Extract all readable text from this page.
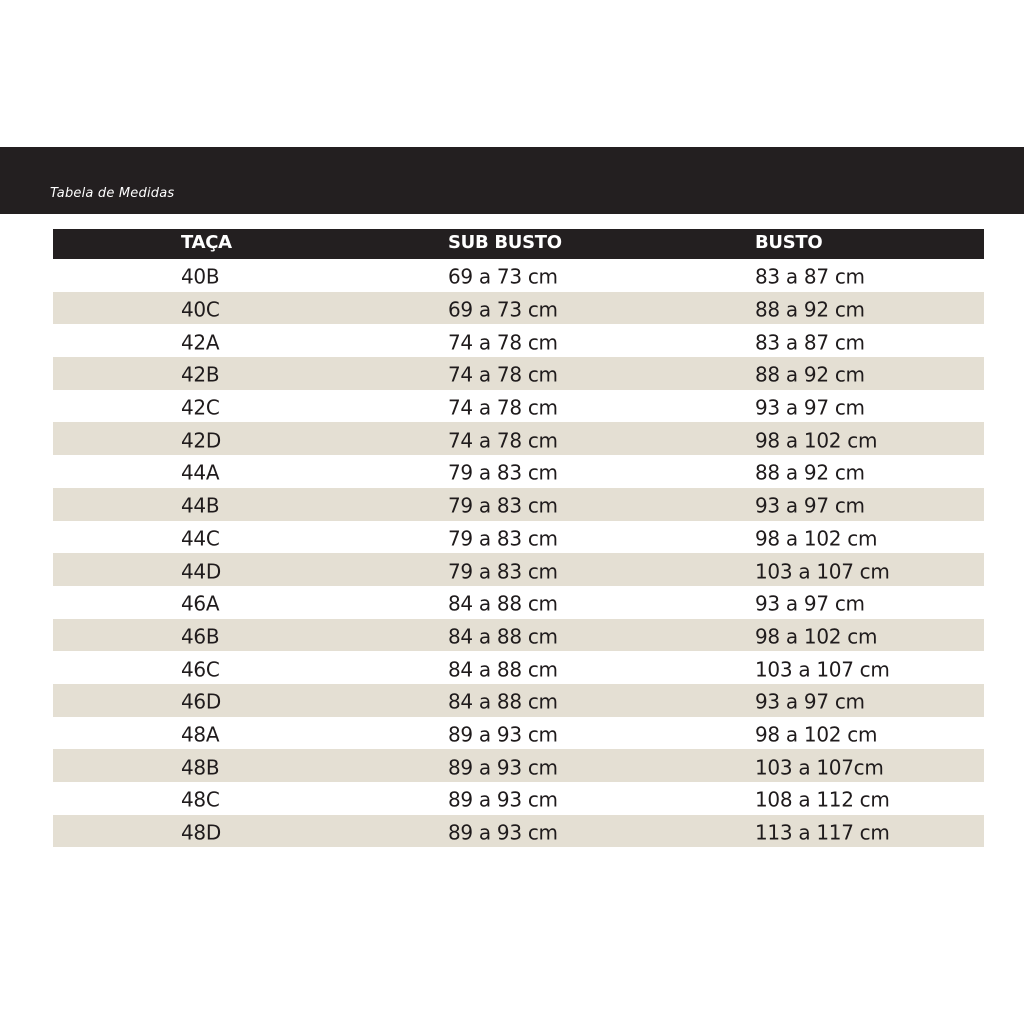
Tabela de Medidas
TAÇA	SUB BUSTO	BUSTO
40B	69 a 73 cm	83 a 87 cm
40C	69 a 73 cm	88 a 92 cm
42A	74 a 78 cm	83 a 87 cm
42B	74 a 78 cm	88 a 92 cm
42C	74 a 78 cm	93 a 97 cm
42D	74 a 78 cm	98 a 102 cm
44A	79 a 83 cm	88 a 92 cm
44B	79 a 83 cm	93 a 97 cm
44C	79 a 83 cm	98 a 102 cm
44D	79 a 83 cm	103 a 107 cm
46A	84 a 88 cm	93 a 97 cm
46B	84 a 88 cm	98 a 102 cm
46C	84 a 88 cm	103 a 107 cm
46D	84 a 88 cm	93 a 97 cm
48A	89 a 93 cm	98 a 102 cm
48B	89 a 93 cm	103 a 107cm
48C	89 a 93 cm	108 a 112 cm
48D	89 a 93 cm	113 a 117 cm
